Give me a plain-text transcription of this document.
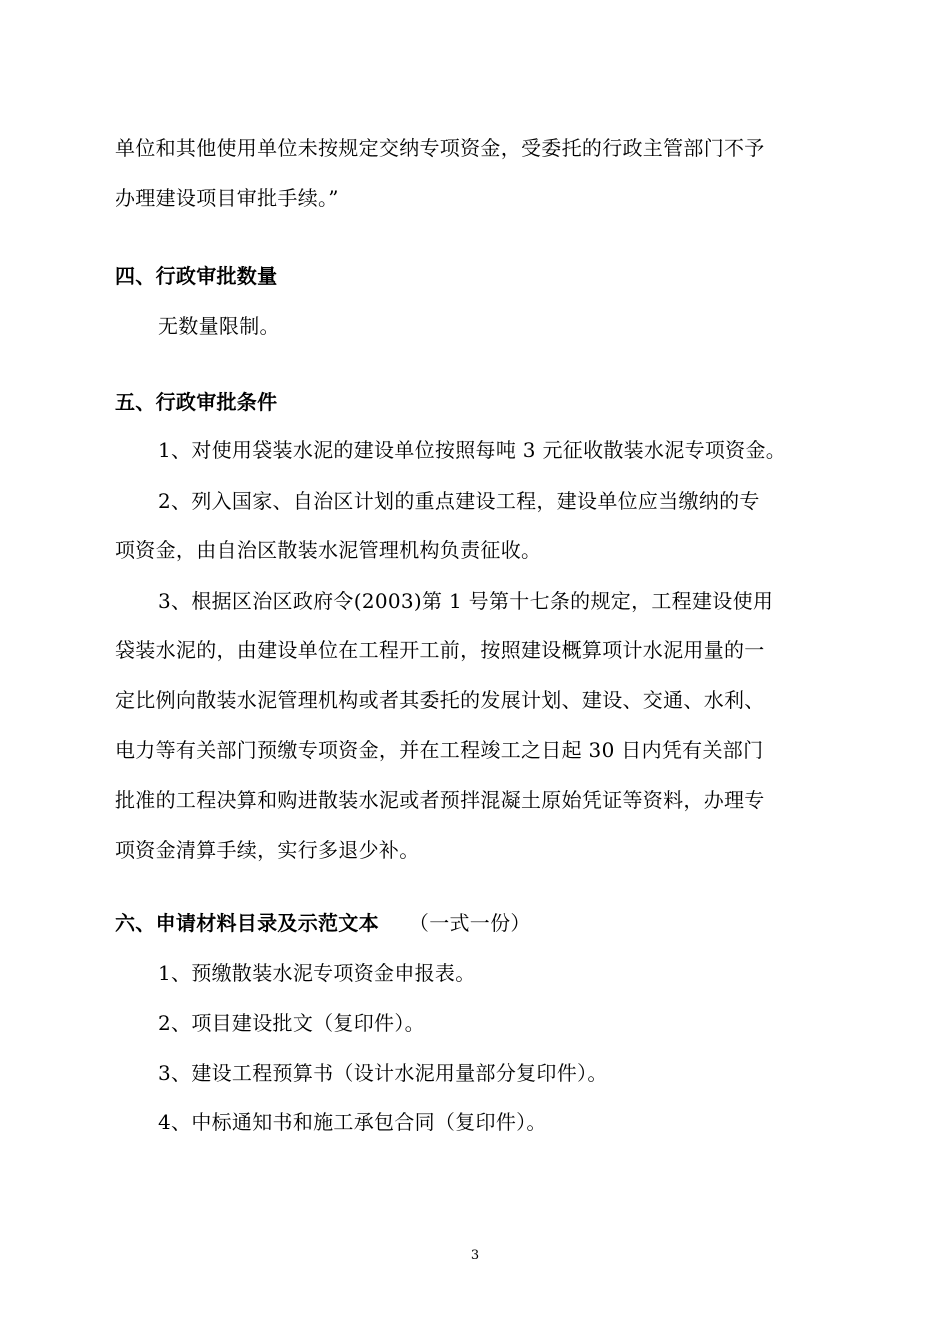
单位和其他使用单位未按规定交纳专项资金，受委托的行政主管部门不予
办理建设项目审批手续。”
四、行政审批数量
无数量限制。
五、行政审批条件
1、对使用袋装水泥的建设单位按照每吨 3 元征收散装水泥专项资金。
2、列入国家、自治区计划的重点建设工程，建设单位应当缴纳的专
项资金，由自治区散装水泥管理机构负责征收。
3、根据区治区政府令(2003)第 1 号第十七条的规定，工程建设使用
袋装水泥的，由建设单位在工程开工前，按照建设概算项计水泥用量的一
定比例向散装水泥管理机构或者其委托的发展计划、建设、交通、水利、
电力等有关部门预缴专项资金，并在工程竣工之日起 30 日内凭有关部门
批准的工程决算和购进散装水泥或者预拌混凝土原始凭证等资料，办理专
项资金清算手续，实行多退少补。
六、申请材料目录及示范文本 （一式一份）
1、预缴散装水泥专项资金申报表。
2、项目建设批文（复印件）。
3、建设工程预算书（设计水泥用量部分复印件）。
4、中标通知书和施工承包合同（复印件）。
3
